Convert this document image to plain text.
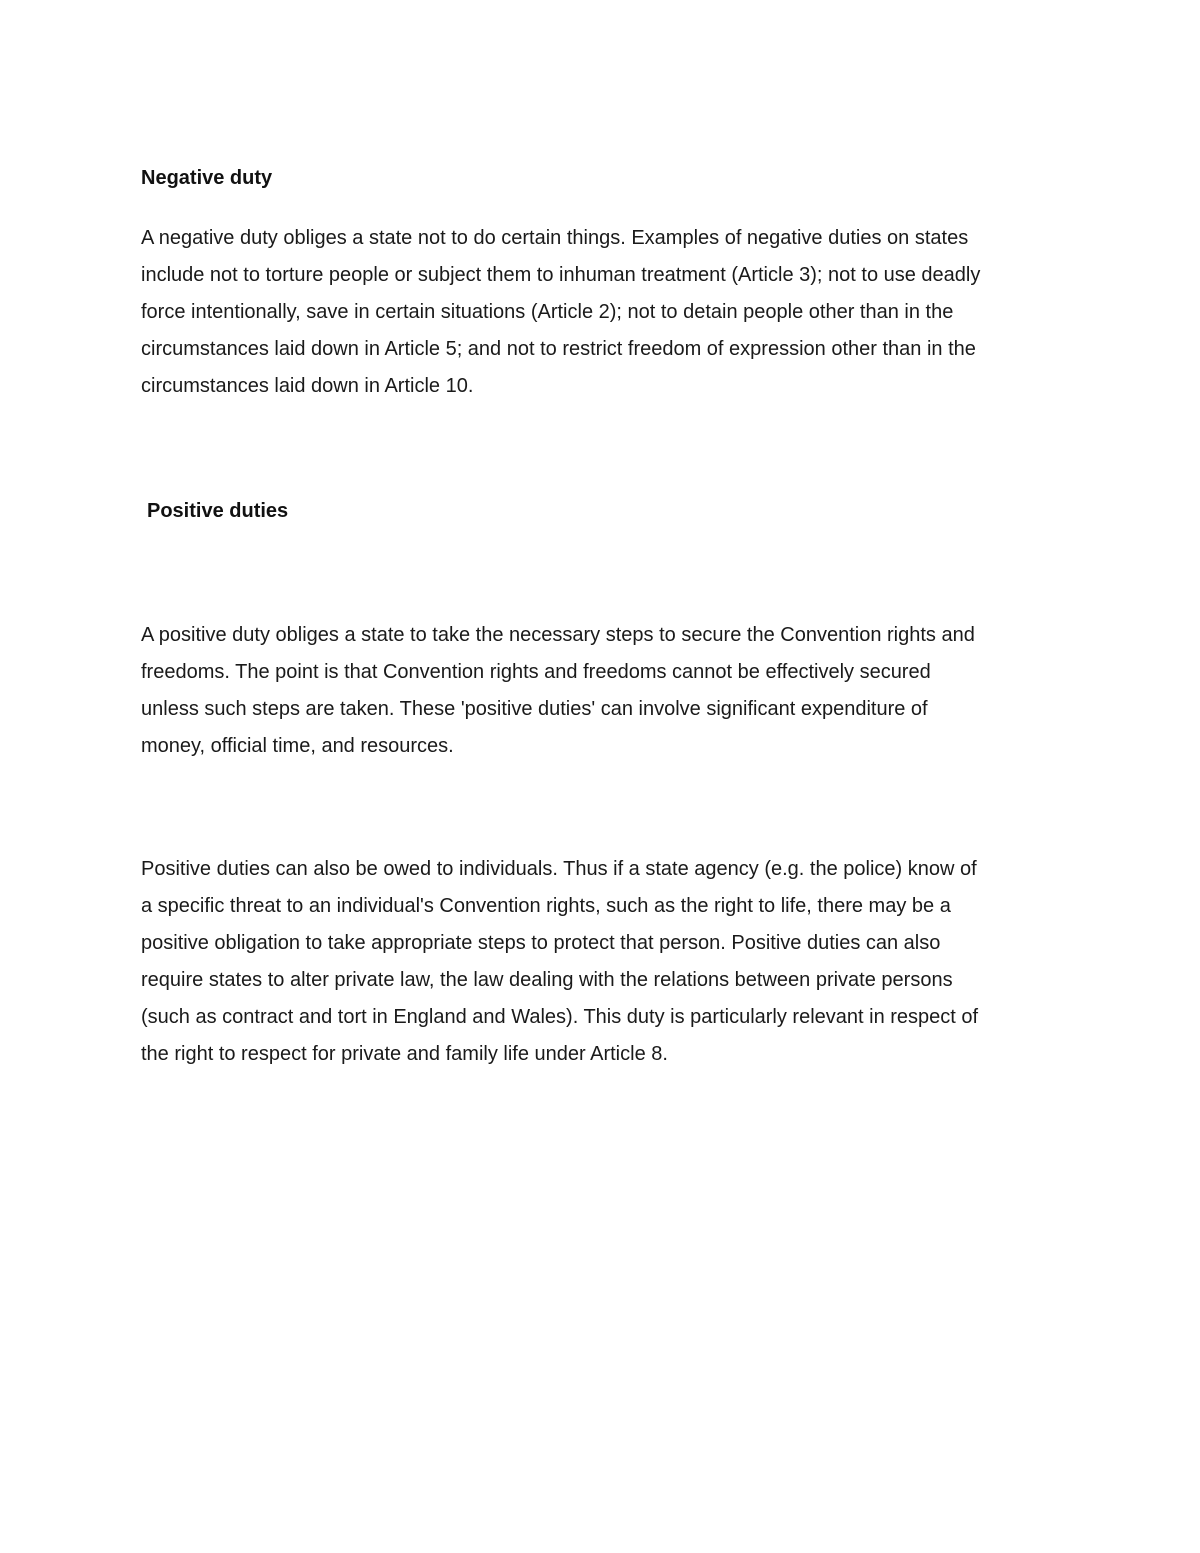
Negative duty

A negative duty obliges a state not to do certain things. Examples of negative duties on states
include not to torture people or subject them to inhuman treatment (Article 3); not to use deadly
force intentionally, save in certain situations (Article 2); not to detain people other than in the
circumstances laid down in Article 5; and not to restrict freedom of expression other than in the
circumstances laid down in Article 10.

Positive duties

A positive duty obliges a state to take the necessary steps to secure the Convention rights and
freedoms. The point is that Convention rights and freedoms cannot be effectively secured
unless such steps are taken. These 'positive duties' can involve significant expenditure of
money, official time, and resources.

Positive duties can also be owed to individuals. Thus if a state agency (e.g. the police) know of
a specific threat to an individual's Convention rights, such as the right to life, there may be a
positive obligation to take appropriate steps to protect that person. Positive duties can also
require states to alter private law, the law dealing with the relations between private persons
(such as contract and tort in England and Wales). This duty is particularly relevant in respect of
the right to respect for private and family life under Article 8.
